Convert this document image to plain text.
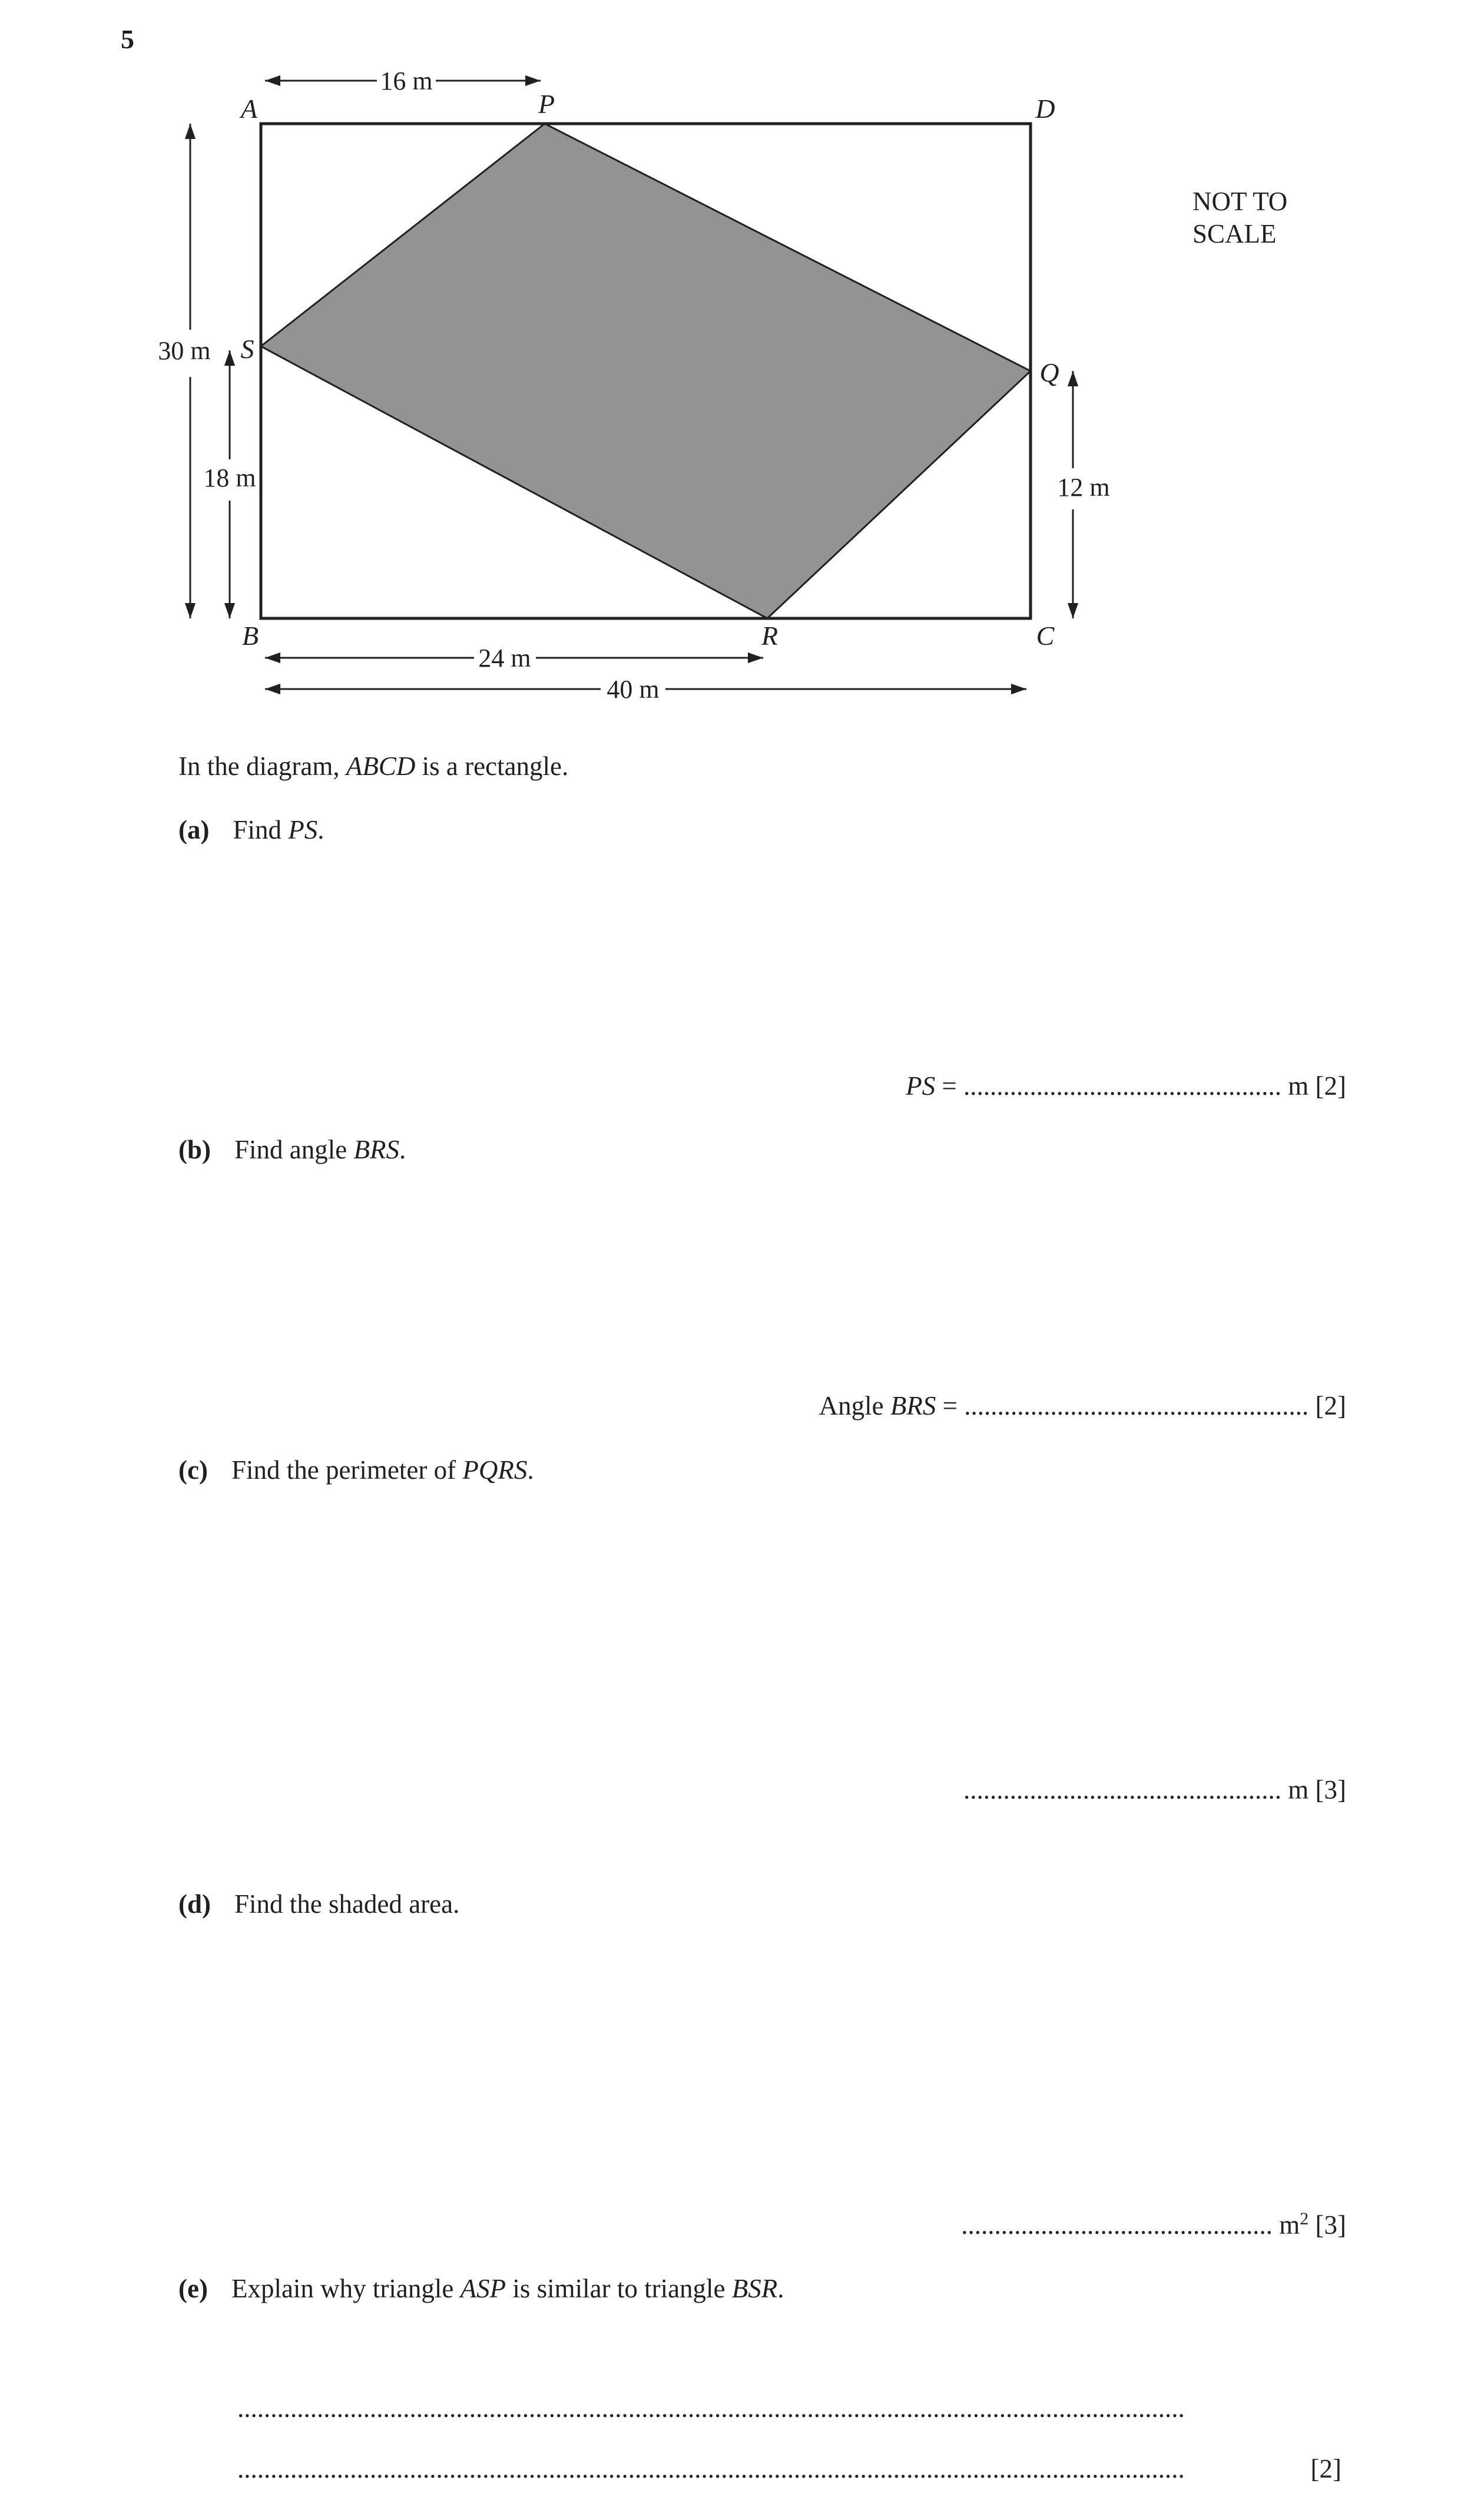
5
16 m
30 m
18 m	12 m
24 m
40 m
A	P	D
S
Q
B	R	C
NOT TO
SCALE
In the diagram, ABCD is a rectangle.
(a) Find PS.
PS = ................................................ m [2]
(b) Find angle BRS.
Angle BRS = .................................................... [2]
(c) Find the perimeter of PQRS.
................................................ m [3]
(d) Find the shaded area.
............................................... $m^2$ [3]
(e) Explain why triangle ASP is similar to triangle BSR.
...............................................................................................................................................
...............................................................................................................................................	[2]
